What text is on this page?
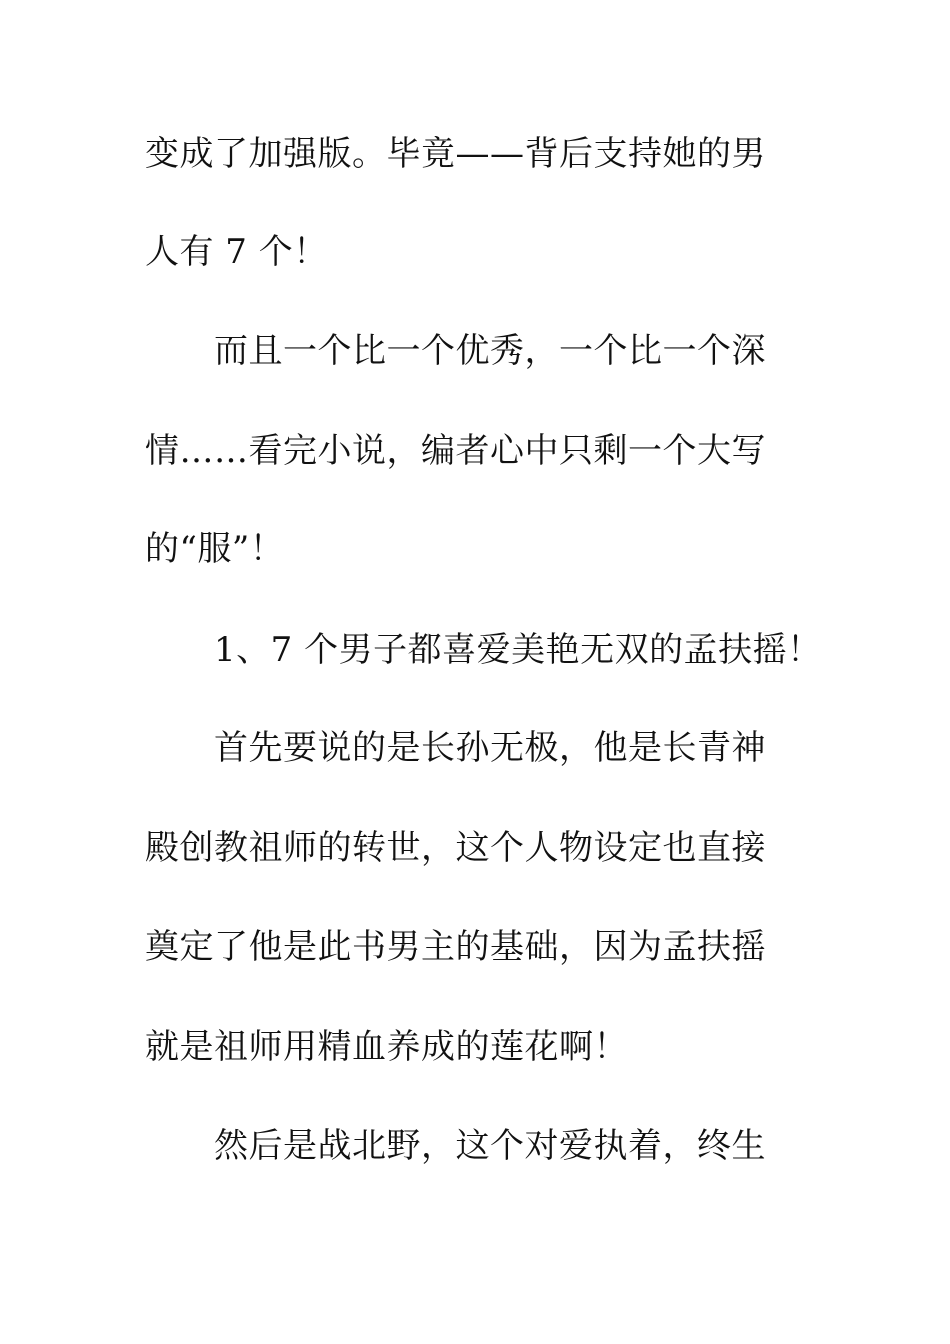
变成了加强版。毕竟——背后支持她的男
人有 7 个！
而且一个比一个优秀，一个比一个深
情……看完小说，编者心中只剩一个大写
的“服”！
1、7 个男子都喜爱美艳无双的孟扶摇！
首先要说的是长孙无极，他是长青神
殿创教祖师的转世，这个人物设定也直接
奠定了他是此书男主的基础，因为孟扶摇
就是祖师用精血养成的莲花啊！
然后是战北野，这个对爱执着，终生
